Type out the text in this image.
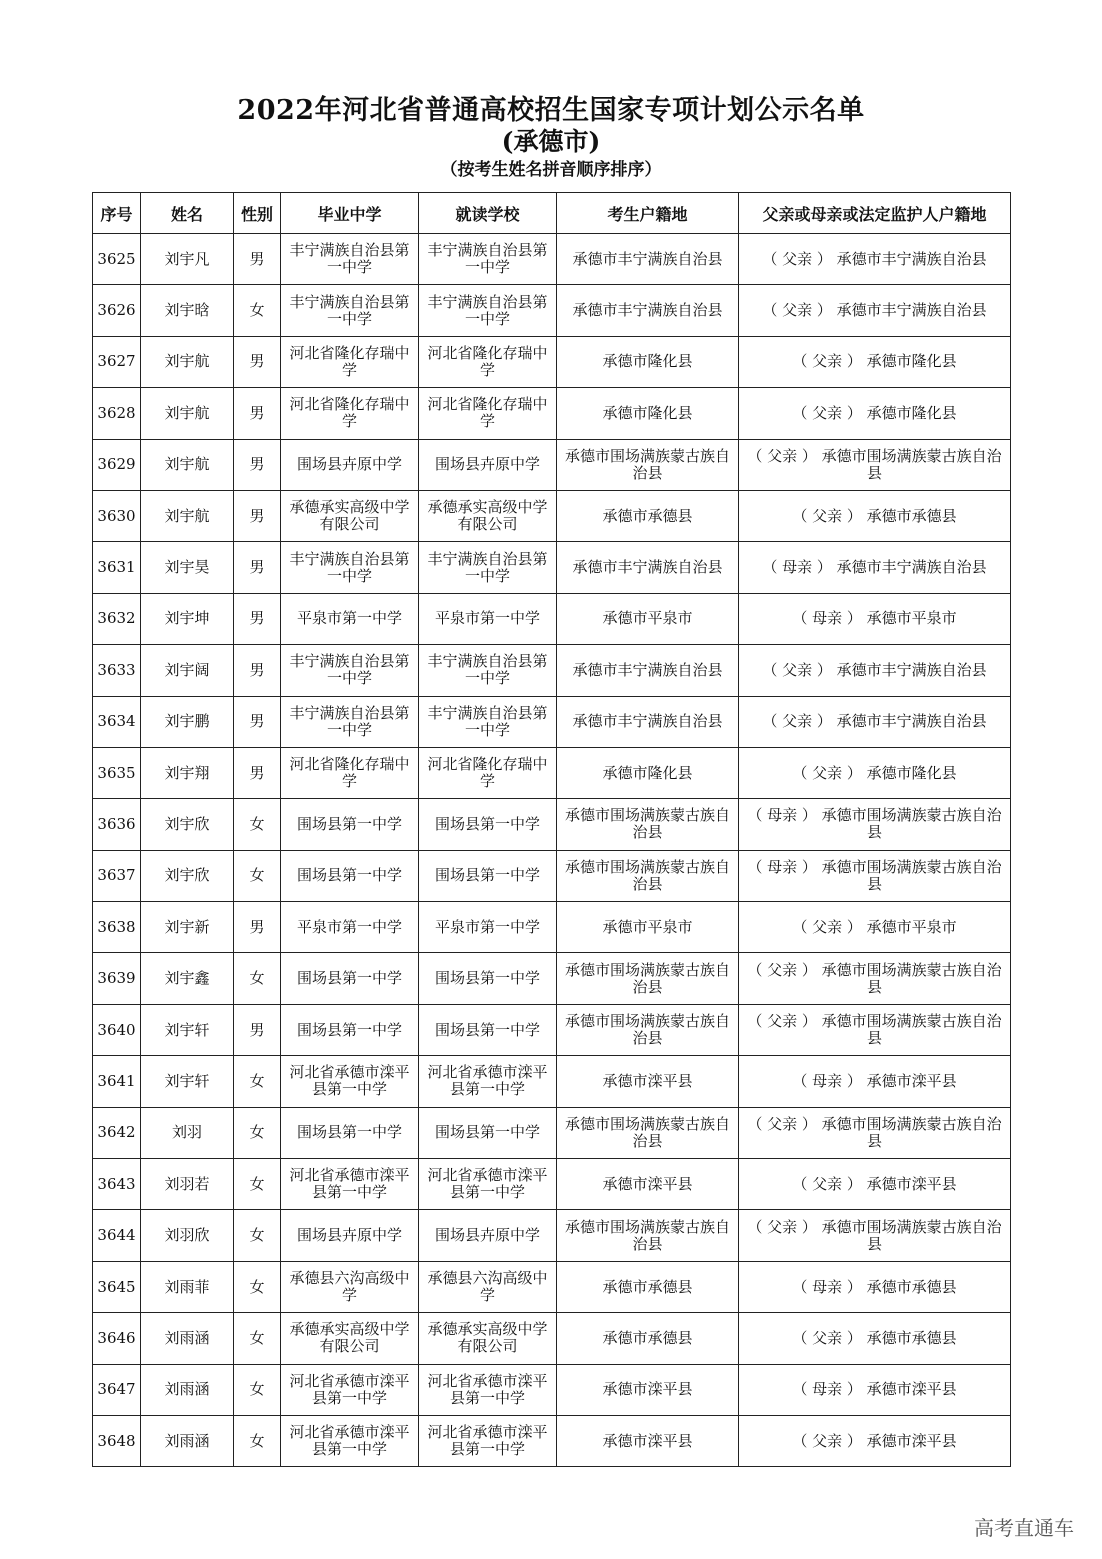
2022年河北省普通高校招生国家专项计划公示名单
(承德市)
（按考生姓名拼音顺序排序）
序号	姓名	性别	毕业中学	就读学校	考生户籍地	父亲或母亲或法定监护人户籍地
3625	刘宇凡	男	丰宁满族自治县第一中学	丰宁满族自治县第一中学	承德市丰宁满族自治县	（ 父亲 ） 承德市丰宁满族自治县
3626	刘宇晗	女	丰宁满族自治县第一中学	丰宁满族自治县第一中学	承德市丰宁满族自治县	（ 父亲 ） 承德市丰宁满族自治县
3627	刘宇航	男	河北省隆化存瑞中学	河北省隆化存瑞中学	承德市隆化县	（ 父亲 ） 承德市隆化县
3628	刘宇航	男	河北省隆化存瑞中学	河北省隆化存瑞中学	承德市隆化县	（ 父亲 ） 承德市隆化县
3629	刘宇航	男	围场县卉原中学	围场县卉原中学	承德市围场满族蒙古族自治县	（ 父亲 ） 承德市围场满族蒙古族自治县
3630	刘宇航	男	承德承实高级中学有限公司	承德承实高级中学有限公司	承德市承德县	（ 父亲 ） 承德市承德县
3631	刘宇昊	男	丰宁满族自治县第一中学	丰宁满族自治县第一中学	承德市丰宁满族自治县	（ 母亲 ） 承德市丰宁满族自治县
3632	刘宇坤	男	平泉市第一中学	平泉市第一中学	承德市平泉市	（ 母亲 ） 承德市平泉市
3633	刘宇阔	男	丰宁满族自治县第一中学	丰宁满族自治县第一中学	承德市丰宁满族自治县	（ 父亲 ） 承德市丰宁满族自治县
3634	刘宇鹏	男	丰宁满族自治县第一中学	丰宁满族自治县第一中学	承德市丰宁满族自治县	（ 父亲 ） 承德市丰宁满族自治县
3635	刘宇翔	男	河北省隆化存瑞中学	河北省隆化存瑞中学	承德市隆化县	（ 父亲 ） 承德市隆化县
3636	刘宇欣	女	围场县第一中学	围场县第一中学	承德市围场满族蒙古族自治县	（ 母亲 ） 承德市围场满族蒙古族自治县
3637	刘宇欣	女	围场县第一中学	围场县第一中学	承德市围场满族蒙古族自治县	（ 母亲 ） 承德市围场满族蒙古族自治县
3638	刘宇新	男	平泉市第一中学	平泉市第一中学	承德市平泉市	（ 父亲 ） 承德市平泉市
3639	刘宇鑫	女	围场县第一中学	围场县第一中学	承德市围场满族蒙古族自治县	（ 父亲 ） 承德市围场满族蒙古族自治县
3640	刘宇轩	男	围场县第一中学	围场县第一中学	承德市围场满族蒙古族自治县	（ 父亲 ） 承德市围场满族蒙古族自治县
3641	刘宇轩	女	河北省承德市滦平县第一中学	河北省承德市滦平县第一中学	承德市滦平县	（ 母亲 ） 承德市滦平县
3642	刘羽	女	围场县第一中学	围场县第一中学	承德市围场满族蒙古族自治县	（ 父亲 ） 承德市围场满族蒙古族自治县
3643	刘羽若	女	河北省承德市滦平县第一中学	河北省承德市滦平县第一中学	承德市滦平县	（ 父亲 ） 承德市滦平县
3644	刘羽欣	女	围场县卉原中学	围场县卉原中学	承德市围场满族蒙古族自治县	（ 父亲 ） 承德市围场满族蒙古族自治县
3645	刘雨菲	女	承德县六沟高级中学	承德县六沟高级中学	承德市承德县	（ 母亲 ） 承德市承德县
3646	刘雨涵	女	承德承实高级中学有限公司	承德承实高级中学有限公司	承德市承德县	（ 父亲 ） 承德市承德县
3647	刘雨涵	女	河北省承德市滦平县第一中学	河北省承德市滦平县第一中学	承德市滦平县	（ 母亲 ） 承德市滦平县
3648	刘雨涵	女	河北省承德市滦平县第一中学	河北省承德市滦平县第一中学	承德市滦平县	（ 父亲 ） 承德市滦平县
高考直通车
